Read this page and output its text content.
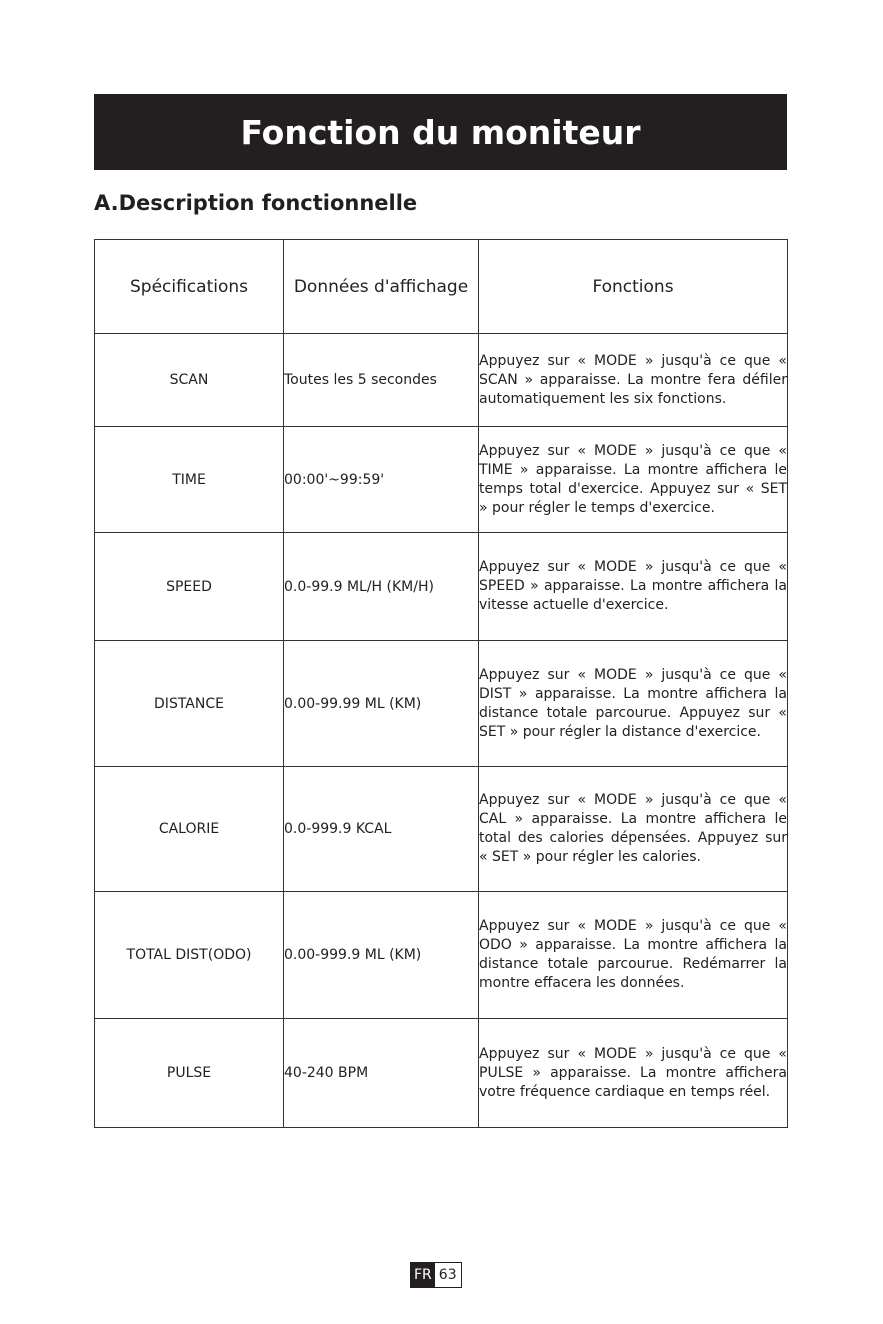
Fonction du moniteur
A.Description fonctionnelle
Spécifications	Données d'affichage	Fonctions
SCAN	Toutes les 5 secondes	Appuyez sur « MODE » jusqu'à ce que « SCAN » apparaisse. La montre fera défiler automatiquement les six fonctions.
TIME	00:00'~99:59'	Appuyez sur « MODE » jusqu'à ce que « TIME » apparaisse. La montre affichera le temps total d'exercice. Appuyez sur « SET » pour régler le temps d'exercice.
SPEED	0.0-99.9 ML/H (KM/H)	Appuyez sur « MODE » jusqu'à ce que « SPEED » apparaisse. La montre affichera la vitesse actuelle d'exercice.
DISTANCE	0.00-99.99 ML (KM)	Appuyez sur « MODE » jusqu'à ce que « DIST » apparaisse. La montre affichera la distance totale parcourue. Appuyez sur « SET » pour régler la distance d'exercice.
CALORIE	0.0-999.9 KCAL	Appuyez sur « MODE » jusqu'à ce que « CAL » apparaisse. La montre affichera le total des calories dépensées. Appuyez sur « SET » pour régler les calories.
TOTAL DIST(ODO)	0.00-999.9 ML (KM)	Appuyez sur « MODE » jusqu'à ce que « ODO » apparaisse. La montre affichera la distance totale parcourue. Redémarrer la montre effacera les données.
PULSE	40-240 BPM	Appuyez sur « MODE » jusqu'à ce que « PULSE » apparaisse. La montre affichera votre fréquence cardiaque en temps réel.
FR 63
